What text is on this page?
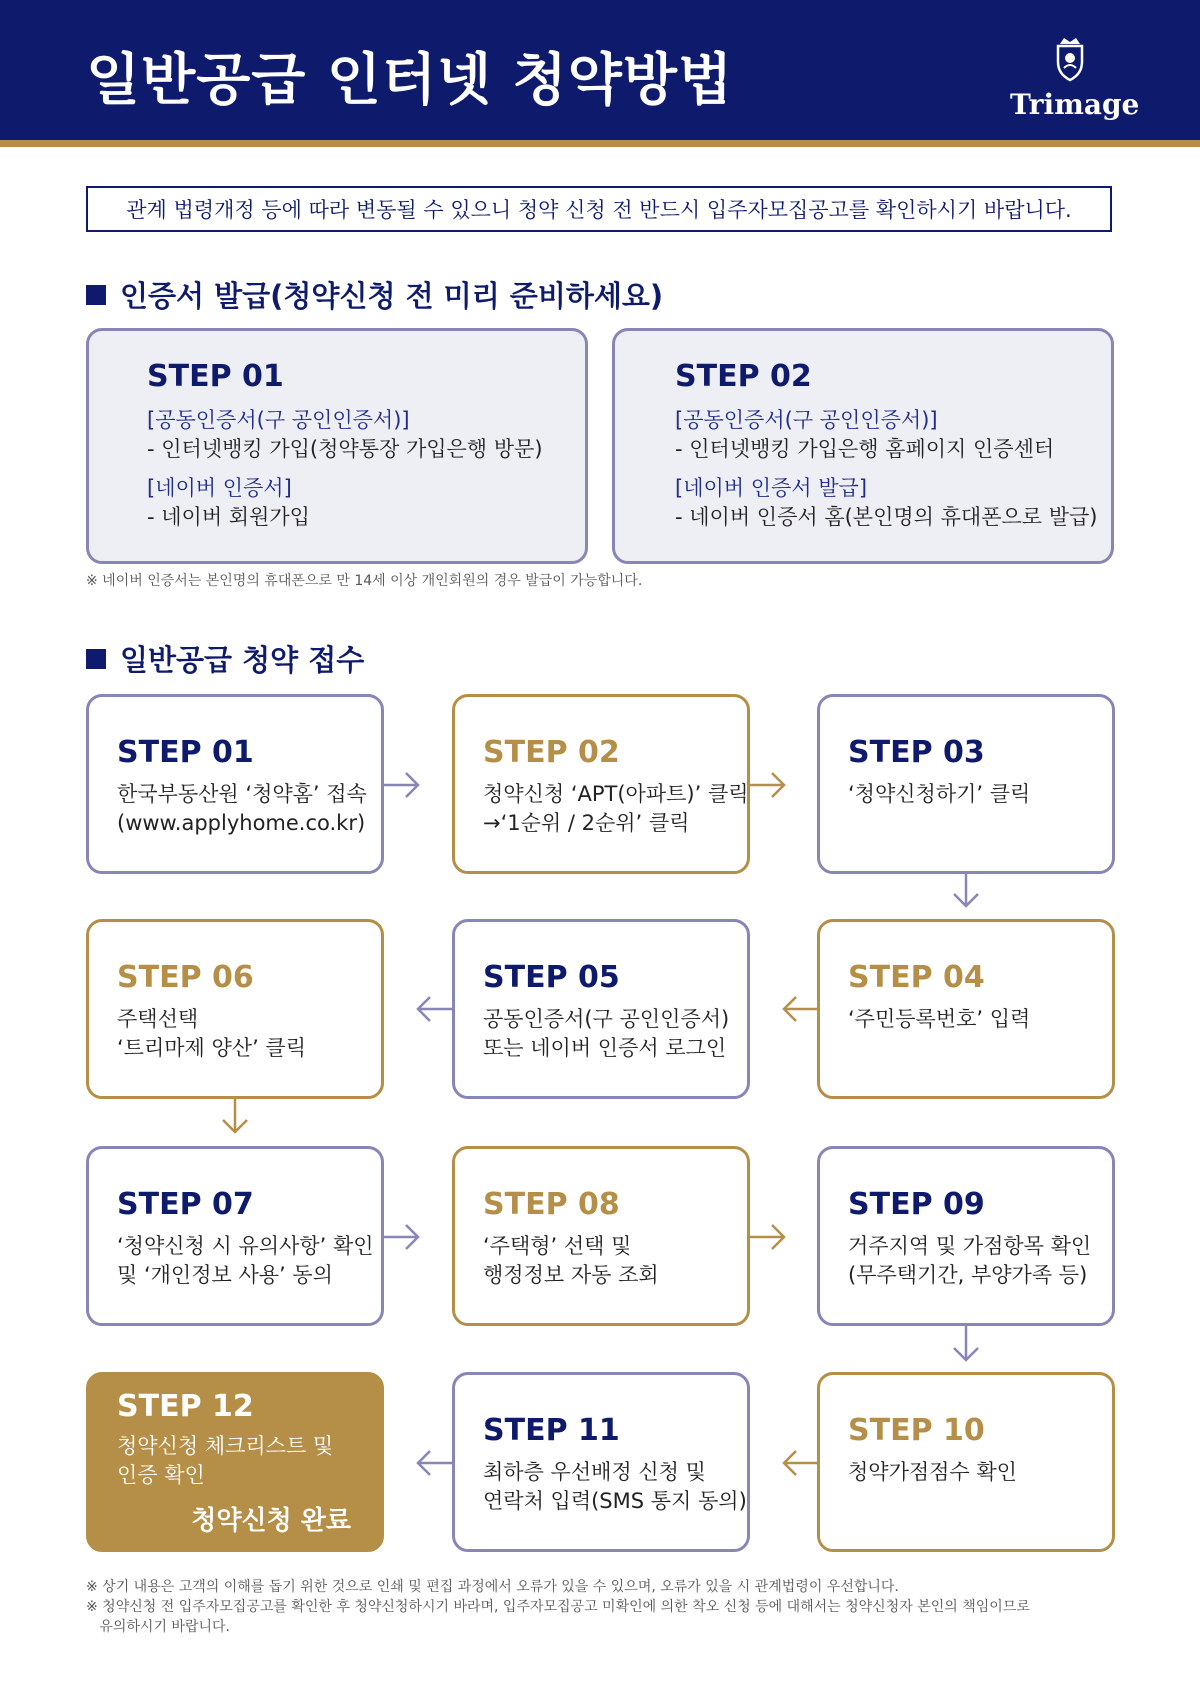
일반공급 인터넷 청약방법	Trimage
관계 법령개정 등에 따라 변동될 수 있으니 청약 신청 전 반드시 입주자모집공고를 확인하시기 바랍니다.
인증서 발급(청약신청 전 미리 준비하세요)
STEP 01
[공동인증서(구 공인인증서)]
- 인터넷뱅킹 가입(청약통장 가입은행 방문)
[네이버 인증서]
- 네이버 회원가입
STEP 02
[공동인증서(구 공인인증서)]
- 인터넷뱅킹 가입은행 홈페이지 인증센터
[네이버 인증서 발급]
- 네이버 인증서 홈(본인명의 휴대폰으로 발급)
※ 네이버 인증서는 본인명의 휴대폰으로 만 14세 이상 개인회원의 경우 발급이 가능합니다.
일반공급 청약 접수
STEP 01
한국부동산원 ‘청약홈’ 접속
(www.applyhome.co.kr)
STEP 02
청약신청 ‘APT(아파트)’ 클릭
→‘1순위 / 2순위’ 클릭
STEP 03
‘청약신청하기’ 클릭
STEP 06
주택선택
‘트리마제 양산’ 클릭
STEP 05
공동인증서(구 공인인증서)
또는 네이버 인증서 로그인
STEP 04
‘주민등록번호’ 입력
STEP 07
‘청약신청 시 유의사항’ 확인
및 ‘개인정보 사용’ 동의
STEP 08
‘주택형’ 선택 및
행정정보 자동 조회
STEP 09
거주지역 및 가점항목 확인
(무주택기간, 부양가족 등)
STEP 12
청약신청 체크리스트 및
인증 확인
청약신청 완료
STEP 11
최하층 우선배정 신청 및
연락처 입력(SMS 통지 동의)
STEP 10
청약가점점수 확인
※ 상기 내용은 고객의 이해를 돕기 위한 것으로 인쇄 및 편집 과정에서 오류가 있을 수 있으며, 오류가 있을 시 관계법령이 우선합니다.
※ 청약신청 전 입주자모집공고를 확인한 후 청약신청하시기 바라며, 입주자모집공고 미확인에 의한 착오 신청 등에 대해서는 청약신청자 본인의 책임이므로
유의하시기 바랍니다.
